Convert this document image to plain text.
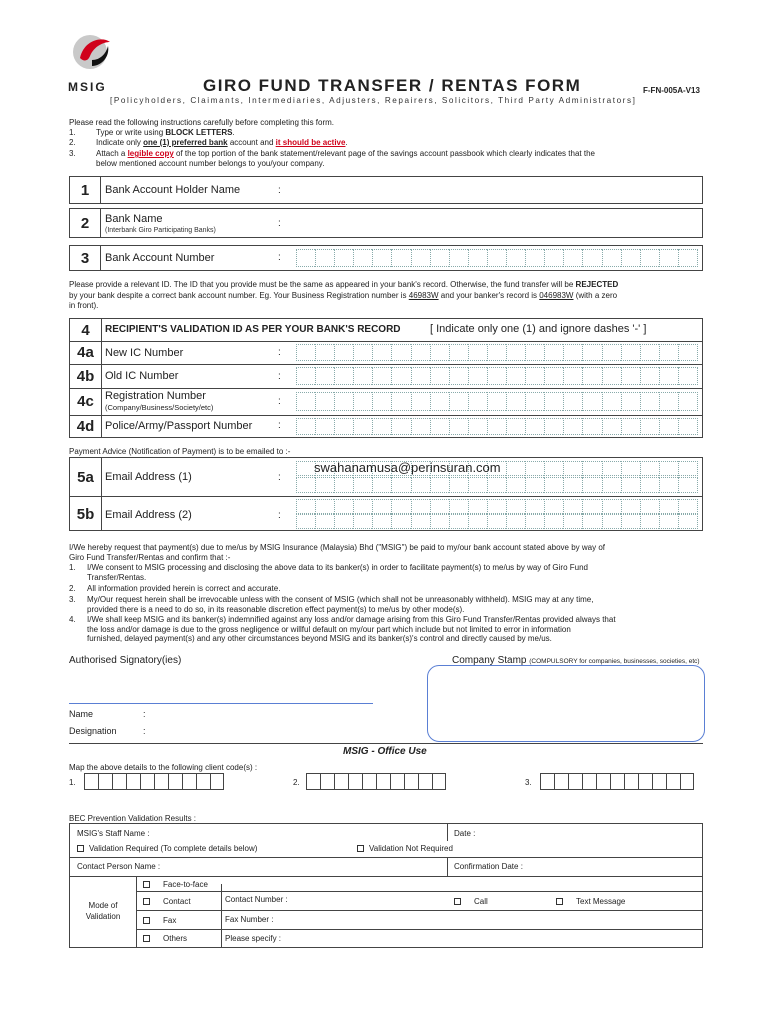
MSIG	GIRO FUND TRANSFER / RENTAS FORM	F-FN-005A-V13
[Policyholders, Claimants, Intermediaries, Adjusters, Repairers, Solicitors, Third Party Administrators]
Please read the following instructions carefully before completing this form.
1.	Type or write using BLOCK LETTERS.
2.	Indicate only one (1) preferred bank account and it should be active.
3.	Attach a legible copy of the top portion of the bank statement/relevant page of the savings account passbook which clearly indicates that the
below mentioned account number belongs to you/your company.
1	Bank Account Holder Name	:
2	Bank Name
(Interbank Giro Participating Banks)
:
3	Bank Account Number	:
Please provide a relevant ID. The ID that you provide must be the same as appeared in your bank's record. Otherwise, the fund transfer will be REJECTED
by your bank despite a correct bank account number. Eg. Your Business Registration number is 46983W and your banker's record is 046983W (with a zero
in front).
4	RECIPIENT'S VALIDATION ID AS PER YOUR BANK'S RECORD	[ Indicate only one (1) and ignore dashes '-' ]
4a	New IC Number	:
4b Old IC Number	:
4c	Registration Number
(Company/Business/Society/etc)
:
4d Police/Army/Passport Number	:
Payment Advice (Notification of Payment) is to be emailed to :-
5a	Email Address (1)	:
swahanamusa@perinsuran.com
5b Email Address (2)	:
I/We hereby request that payment(s) due to me/us by MSIG Insurance (Malaysia) Bhd ("MSIG") be paid to my/our bank account stated above by way of
Giro Fund Transfer/Rentas and confirm that :-
1. I/We consent to MSIG processing and disclosing the above data to its banker(s) in order to facilitate payment(s) to me/us by way of Giro Fund
Transfer/Rentas.
2. All information provided herein is correct and accurate.
3. My/Our request herein shall be irrevocable unless with the consent of MSIG (which shall not be unreasonably withheld). MSIG may at any time,
provided there is a need to do so, in its reasonable discretion effect payment(s) to me/us by other mode(s).
4. I/We shall keep MSIG and its banker(s) indemnified against any loss and/or damage arising from this Giro Fund Transfer/Rentas provided always that
the loss and/or damage is due to the gross negligence or willful default on my/our part which include but not limited to error in information
furnished, delayed payment(s) and any other circumstances beyond MSIG and its banker(s)'s control and directly caused by me/us.
Authorised Signatory(ies)	Company Stamp (COMPULSORY for companies, businesses, societies, etc)
Name	:
Designation	:
MSIG - Office Use
Map the above details to the following client code(s) :
1.	2.	3.
BEC Prevention Validation Results :
MSIG's Staff Name :	Date :
Validation Required (To complete details below)	Validation Not Required
Contact Person Name :	Confirmation Date :
Mode of
Validation
Face-to-face
Contact	Contact Number :	Call	Text Message
Fax	Fax Number :
Others	Please specify :
